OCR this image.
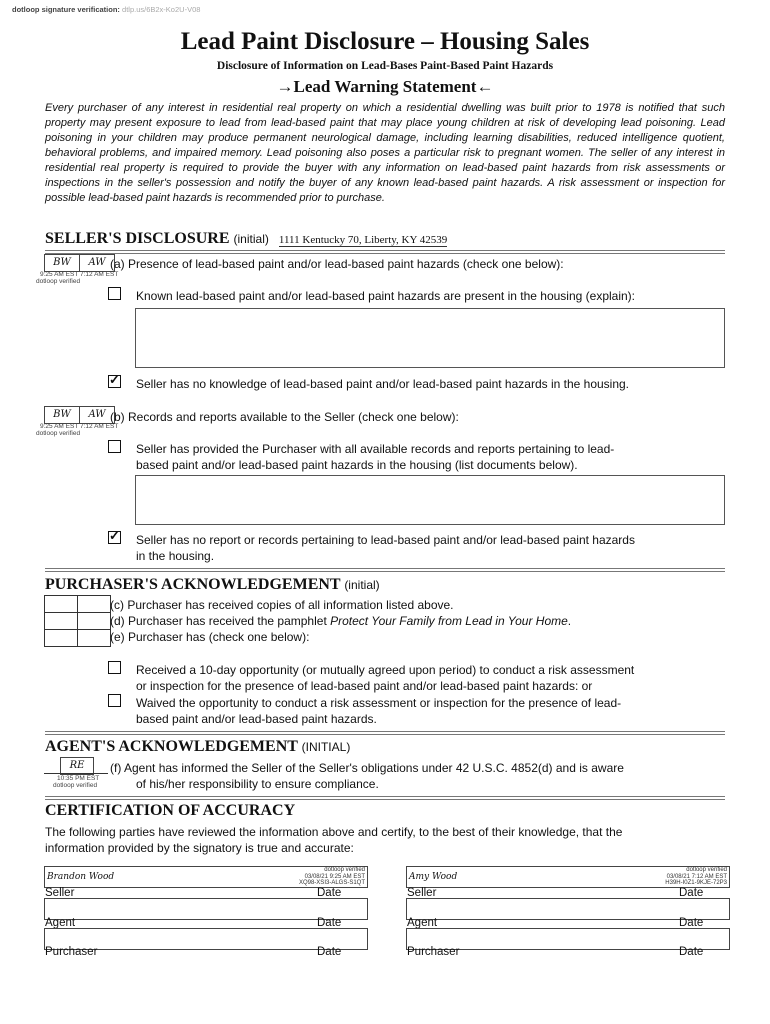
dotloop signature verification: dtlp.us/6B2x-Ko2U-V08
Lead Paint Disclosure – Housing Sales
Disclosure of Information on Lead-Bases Paint-Based Paint Hazards
→Lead Warning Statement←
Every purchaser of any interest in residential real property on which a residential dwelling was built prior to 1978 is notified that such property may present exposure to lead from lead-based paint that may place young children at risk of developing lead poisoning. Lead poisoning in your children may produce permanent neurological damage, including learning disabilities, reduced intelligence quotient, behavioral problems, and impaired memory. Lead poisoning also poses a particular risk to pregnant women. The seller of any interest in residential real property is required to provide the buyer with any information on lead-based paint hazards from risk assessments or inspections in the seller's possession and notify the buyer of any known lead-based paint hazards. A risk assessment or inspection for possible lead-based paint hazards is recommended prior to purchase.
SELLER'S DISCLOSURE (initial) 1111 Kentucky 70, Liberty, KY 42539
BW	AW
9:25 AM EST 7:12 AM EST
dotloop verified
(a) Presence of lead-based paint and/or lead-based paint hazards (check one below):
Known lead-based paint and/or lead-based paint hazards are present in the housing (explain):
✓
Seller has no knowledge of lead-based paint and/or lead-based paint hazards in the housing.
BW	AW
9:25 AM EST 7:12 AM EST
dotloop verified
(b) Records and reports available to the Seller (check one below):
Seller has provided the Purchaser with all available records and reports pertaining to lead-
based paint and/or lead-based paint hazards in the housing (list documents below).
✓
Seller has no report or records pertaining to lead-based paint and/or lead-based paint hazards
in the housing.
PURCHASER'S ACKNOWLEDGEMENT (initial)
(c) Purchaser has received copies of all information listed above.
(d) Purchaser has received the pamphlet Protect Your Family from Lead in Your Home.
(e) Purchaser has (check one below):
Received a 10-day opportunity (or mutually agreed upon period) to conduct a risk assessment
or inspection for the presence of lead-based paint and/or lead-based paint hazards: or
Waived the opportunity to conduct a risk assessment or inspection for the presence of lead-
based paint and/or lead-based paint hazards.
AGENT'S ACKNOWLEDGEMENT (INITIAL)
RE
10:35 PM EST
dotloop verified
(f) Agent has informed the Seller of the Seller's obligations under 42 U.S.C. 4852(d) and is aware
of his/her responsibility to ensure compliance.
CERTIFICATION OF ACCURACY
The following parties have reviewed the information above and certify, to the best of their knowledge, that the
information provided by the signatory is true and accurate:
Brandon Wood
dotloop verified
03/08/21 9:25 AM EST
XQ98-XSI3-ALGS-S1QT
Seller	Date
Agent	Date
Purchaser	Date
Amy Wood
dotloop verified
03/08/21 7:12 AM EST
H39H-I0Z1-9KJE-72P3
Seller	Date
Agent	Date
Purchaser	Date
